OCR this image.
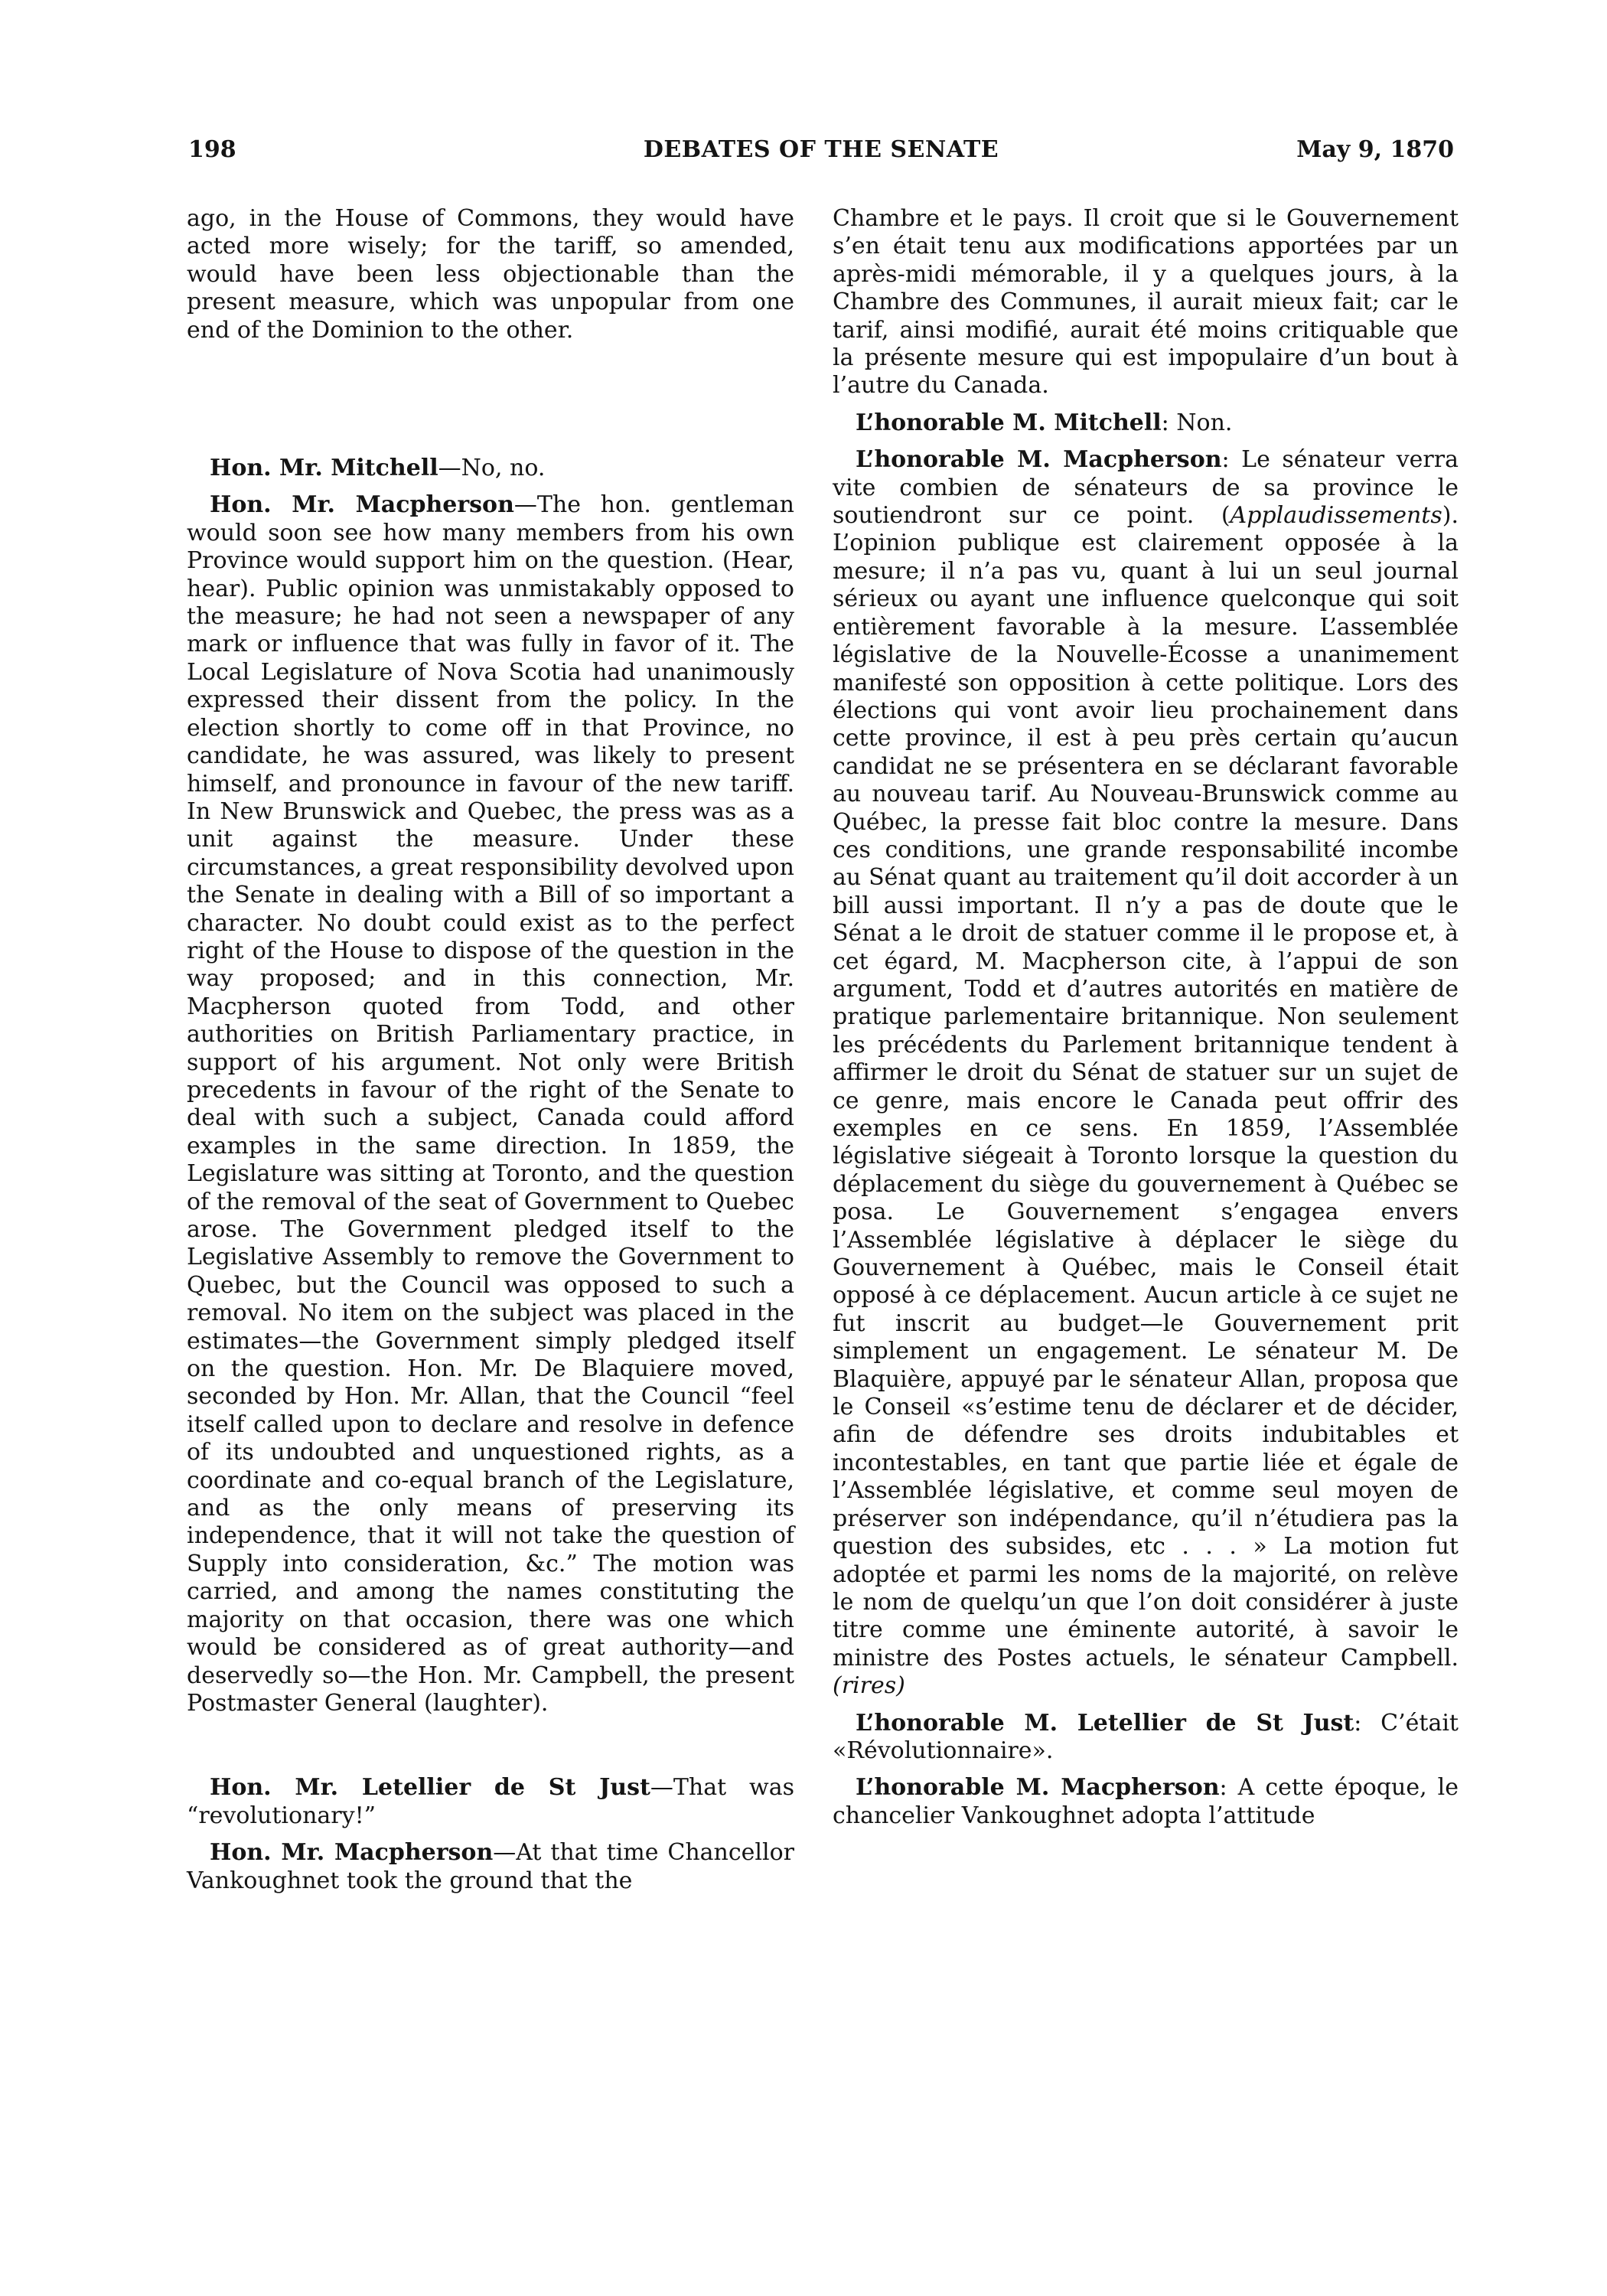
198	DEBATES OF THE SENATE	May 9, 1870

ago, in the House of Commons, they would have acted more wisely; for the tariff, so amended, would have been less objectionable than the present measure, which was unpopular from one end of the Dominion to the other.

Hon. Mr. Mitchell—No, no.

Hon. Mr. Macpherson—The hon. gentleman would soon see how many members from his own Province would support him on the question. (Hear, hear). Public opinion was unmistakably opposed to the measure; he had not seen a newspaper of any mark or influence that was fully in favor of it. The Local Legislature of Nova Scotia had unanimously expressed their dissent from the policy. In the election shortly to come off in that Province, no candidate, he was assured, was likely to present himself, and pronounce in favour of the new tariff. In New Brunswick and Quebec, the press was as a unit against the measure. Under these circumstances, a great responsibility devolved upon the Senate in dealing with a Bill of so important a character. No doubt could exist as to the perfect right of the House to dispose of the question in the way proposed; and in this connection, Mr. Macpherson quoted from Todd, and other authorities on British Parliamentary practice, in support of his argument. Not only were British precedents in favour of the right of the Senate to deal with such a subject, Canada could afford examples in the same direction. In 1859, the Legislature was sitting at Toronto, and the question of the removal of the seat of Government to Quebec arose. The Government pledged itself to the Legislative Assembly to remove the Government to Quebec, but the Council was opposed to such a removal. No item on the subject was placed in the estimates—the Government simply pledged itself on the question. Hon. Mr. De Blaquiere moved, seconded by Hon. Mr. Allan, that the Council “feel itself called upon to declare and resolve in defence of its undoubted and unquestioned rights, as a coordinate and co-equal branch of the Legislature, and as the only means of preserving its independence, that it will not take the question of Supply into consideration, &c.” The motion was carried, and among the names constituting the majority on that occasion, there was one which would be considered as of great authority—and deservedly so—the Hon. Mr. Campbell, the present Postmaster General (laughter).

Hon. Mr. Letellier de St Just—That was “revolutionary!”

Hon. Mr. Macpherson—At that time Chancellor Vankoughnet took the ground that the

Chambre et le pays. Il croit que si le Gouvernement s’en était tenu aux modifications apportées par un après-midi mémorable, il y a quelques jours, à la Chambre des Communes, il aurait mieux fait; car le tarif, ainsi modifié, aurait été moins critiquable que la présente mesure qui est impopulaire d’un bout à l’autre du Canada.

L’honorable M. Mitchell: Non.

L’honorable M. Macpherson: Le sénateur verra vite combien de sénateurs de sa province le soutiendront sur ce point. (Applaudissements). L’opinion publique est clairement opposée à la mesure; il n’a pas vu, quant à lui un seul journal sérieux ou ayant une influence quelconque qui soit entièrement favorable à la mesure. L’assemblée législative de la Nouvelle-Écosse a unanimement manifesté son opposition à cette politique. Lors des élections qui vont avoir lieu prochainement dans cette province, il est à peu près certain qu’aucun candidat ne se présentera en se déclarant favorable au nouveau tarif. Au Nouveau-Brunswick comme au Québec, la presse fait bloc contre la mesure. Dans ces conditions, une grande responsabilité incombe au Sénat quant au traitement qu’il doit accorder à un bill aussi important. Il n’y a pas de doute que le Sénat a le droit de statuer comme il le propose et, à cet égard, M. Macpherson cite, à l’appui de son argument, Todd et d’autres autorités en matière de pratique parlementaire britannique. Non seulement les précédents du Parlement britannique tendent à affirmer le droit du Sénat de statuer sur un sujet de ce genre, mais encore le Canada peut offrir des exemples en ce sens. En 1859, l’Assemblée législative siégeait à Toronto lorsque la question du déplacement du siège du gouvernement à Québec se posa. Le Gouvernement s’engagea envers l’Assemblée législative à déplacer le siège du Gouvernement à Québec, mais le Conseil était opposé à ce déplacement. Aucun article à ce sujet ne fut inscrit au budget—le Gouvernement prit simplement un engagement. Le sénateur M. De Blaquière, appuyé par le sénateur Allan, proposa que le Conseil «s’estime tenu de déclarer et de décider, afin de défendre ses droits indubitables et incontestables, en tant que partie liée et égale de l’Assemblée législative, et comme seul moyen de préserver son indépendance, qu’il n’étudiera pas la question des subsides, etc . . . » La motion fut adoptée et parmi les noms de la majorité, on relève le nom de quelqu’un que l’on doit considérer à juste titre comme une éminente autorité, à savoir le ministre des Postes actuels, le sénateur Campbell. (rires)

L’honorable M. Letellier de St Just: C’était «Révolutionnaire».

L’honorable M. Macpherson: A cette époque, le chancelier Vankoughnet adopta l’attitude
